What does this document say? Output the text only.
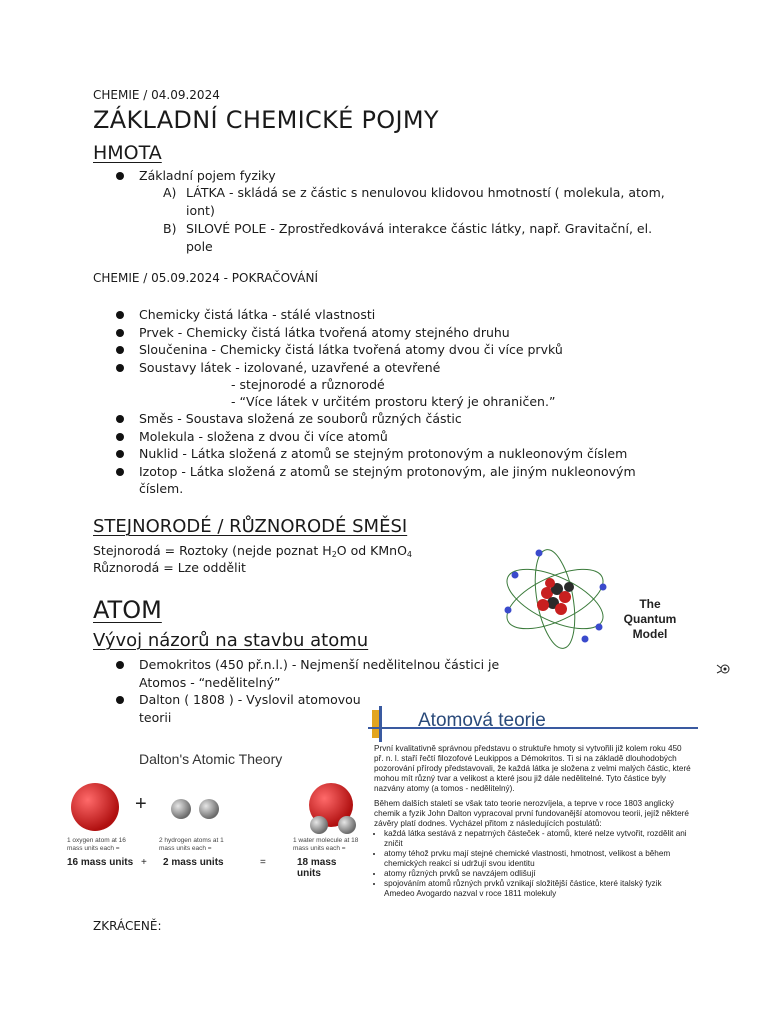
CHEMIE / 04.09.2024
ZÁKLADNÍ CHEMICKÉ POJMY
HMOTA
Základní pojem fyziky
A) LÁTKA - skládá se z částic s nenulovou klidovou hmotností ( molekula, atom,
iont)
B) SILOVÉ POLE - Zprostředkovává interakce částic látky, např. Gravitační, el.
pole
CHEMIE / 05.09.2024 - POKRAČOVÁNÍ
Chemicky čistá látka - stálé vlastnosti
Prvek - Chemicky čistá látka tvořená atomy stejného druhu
Sloučenina - Chemicky čistá látka tvořená atomy dvou či více prvků
Soustavy látek - izolované, uzavřené a otevřené
- stejnorodé a různorodé
- “Více látek v určitém prostoru který je ohraničen.”
Směs - Soustava složená ze souborů různých částic
Molekula - složena z dvou či více atomů
Nuklid - Látka složená z atomů se stejným protonovým a nukleonovým číslem
Izotop - Látka složená z atomů se stejným protonovým, ale jiným nukleonovým
číslem.
STEJNORODÉ / RŮZNORODÉ SMĚSI
Stejnorodá = Roztoky (nejde poznat $H_2O$ od KMnO$_4$
Různorodá = Lze oddělit
The
Quantum
Model
ATOM
Vývoj názorů na stavbu atomu
Demokritos (450 př.n.l.) - Nejmenší nedělitelnou částici je
Atomos - “nedělitelný”
Dalton ( 1808 ) - Vyslovil atomovou
teorii	Atomová teorie

První kvalitativně správnou představu o struktuře hmoty si vytvořili již kolem roku 450 př. n. l. staří řečtí filozofové Leukippos a Démokritos. Ti si na základě dlouhodobých pozorování přírody představovali, že každá látka je složena z velmi malých částic, které mohou mít různý tvar a velikost a které jsou již dále nedělitelné. Tyto částice byly nazvány atomy (a tomos - nedělitelný).

Během dalších staletí se však tato teorie nerozvíjela, a teprve v roce 1803 anglický chemik a fyzik John Dalton vypracoval první fundovanější atomovou teorii, jejíž některé závěry platí dodnes. Vycházel přitom z následujících postulátů:

• každá látka sestává z nepatrných částeček - atomů, které nelze vytvořit, rozdělit ani zničit
• atomy téhož prvku mají stejné chemické vlastnosti, hmotnost, velikost a během chemických reakcí si udržují svou identitu
• atomy různých prvků se navzájem odlišují
• spojováním atomů různých prvků vznikají složitější částice, které italský fyzik Amedeo Avogardo nazval v roce 1811 molekuly
Dalton's Atomic Theory
+
1 oxygen atom at 16 mass units each =
2 hydrogen atoms at 1 mass units each =
1 water molecule at 18 mass units each =
16 mass units + 2 mass units	=	18 mass units
ZKRÁCENĚ:
